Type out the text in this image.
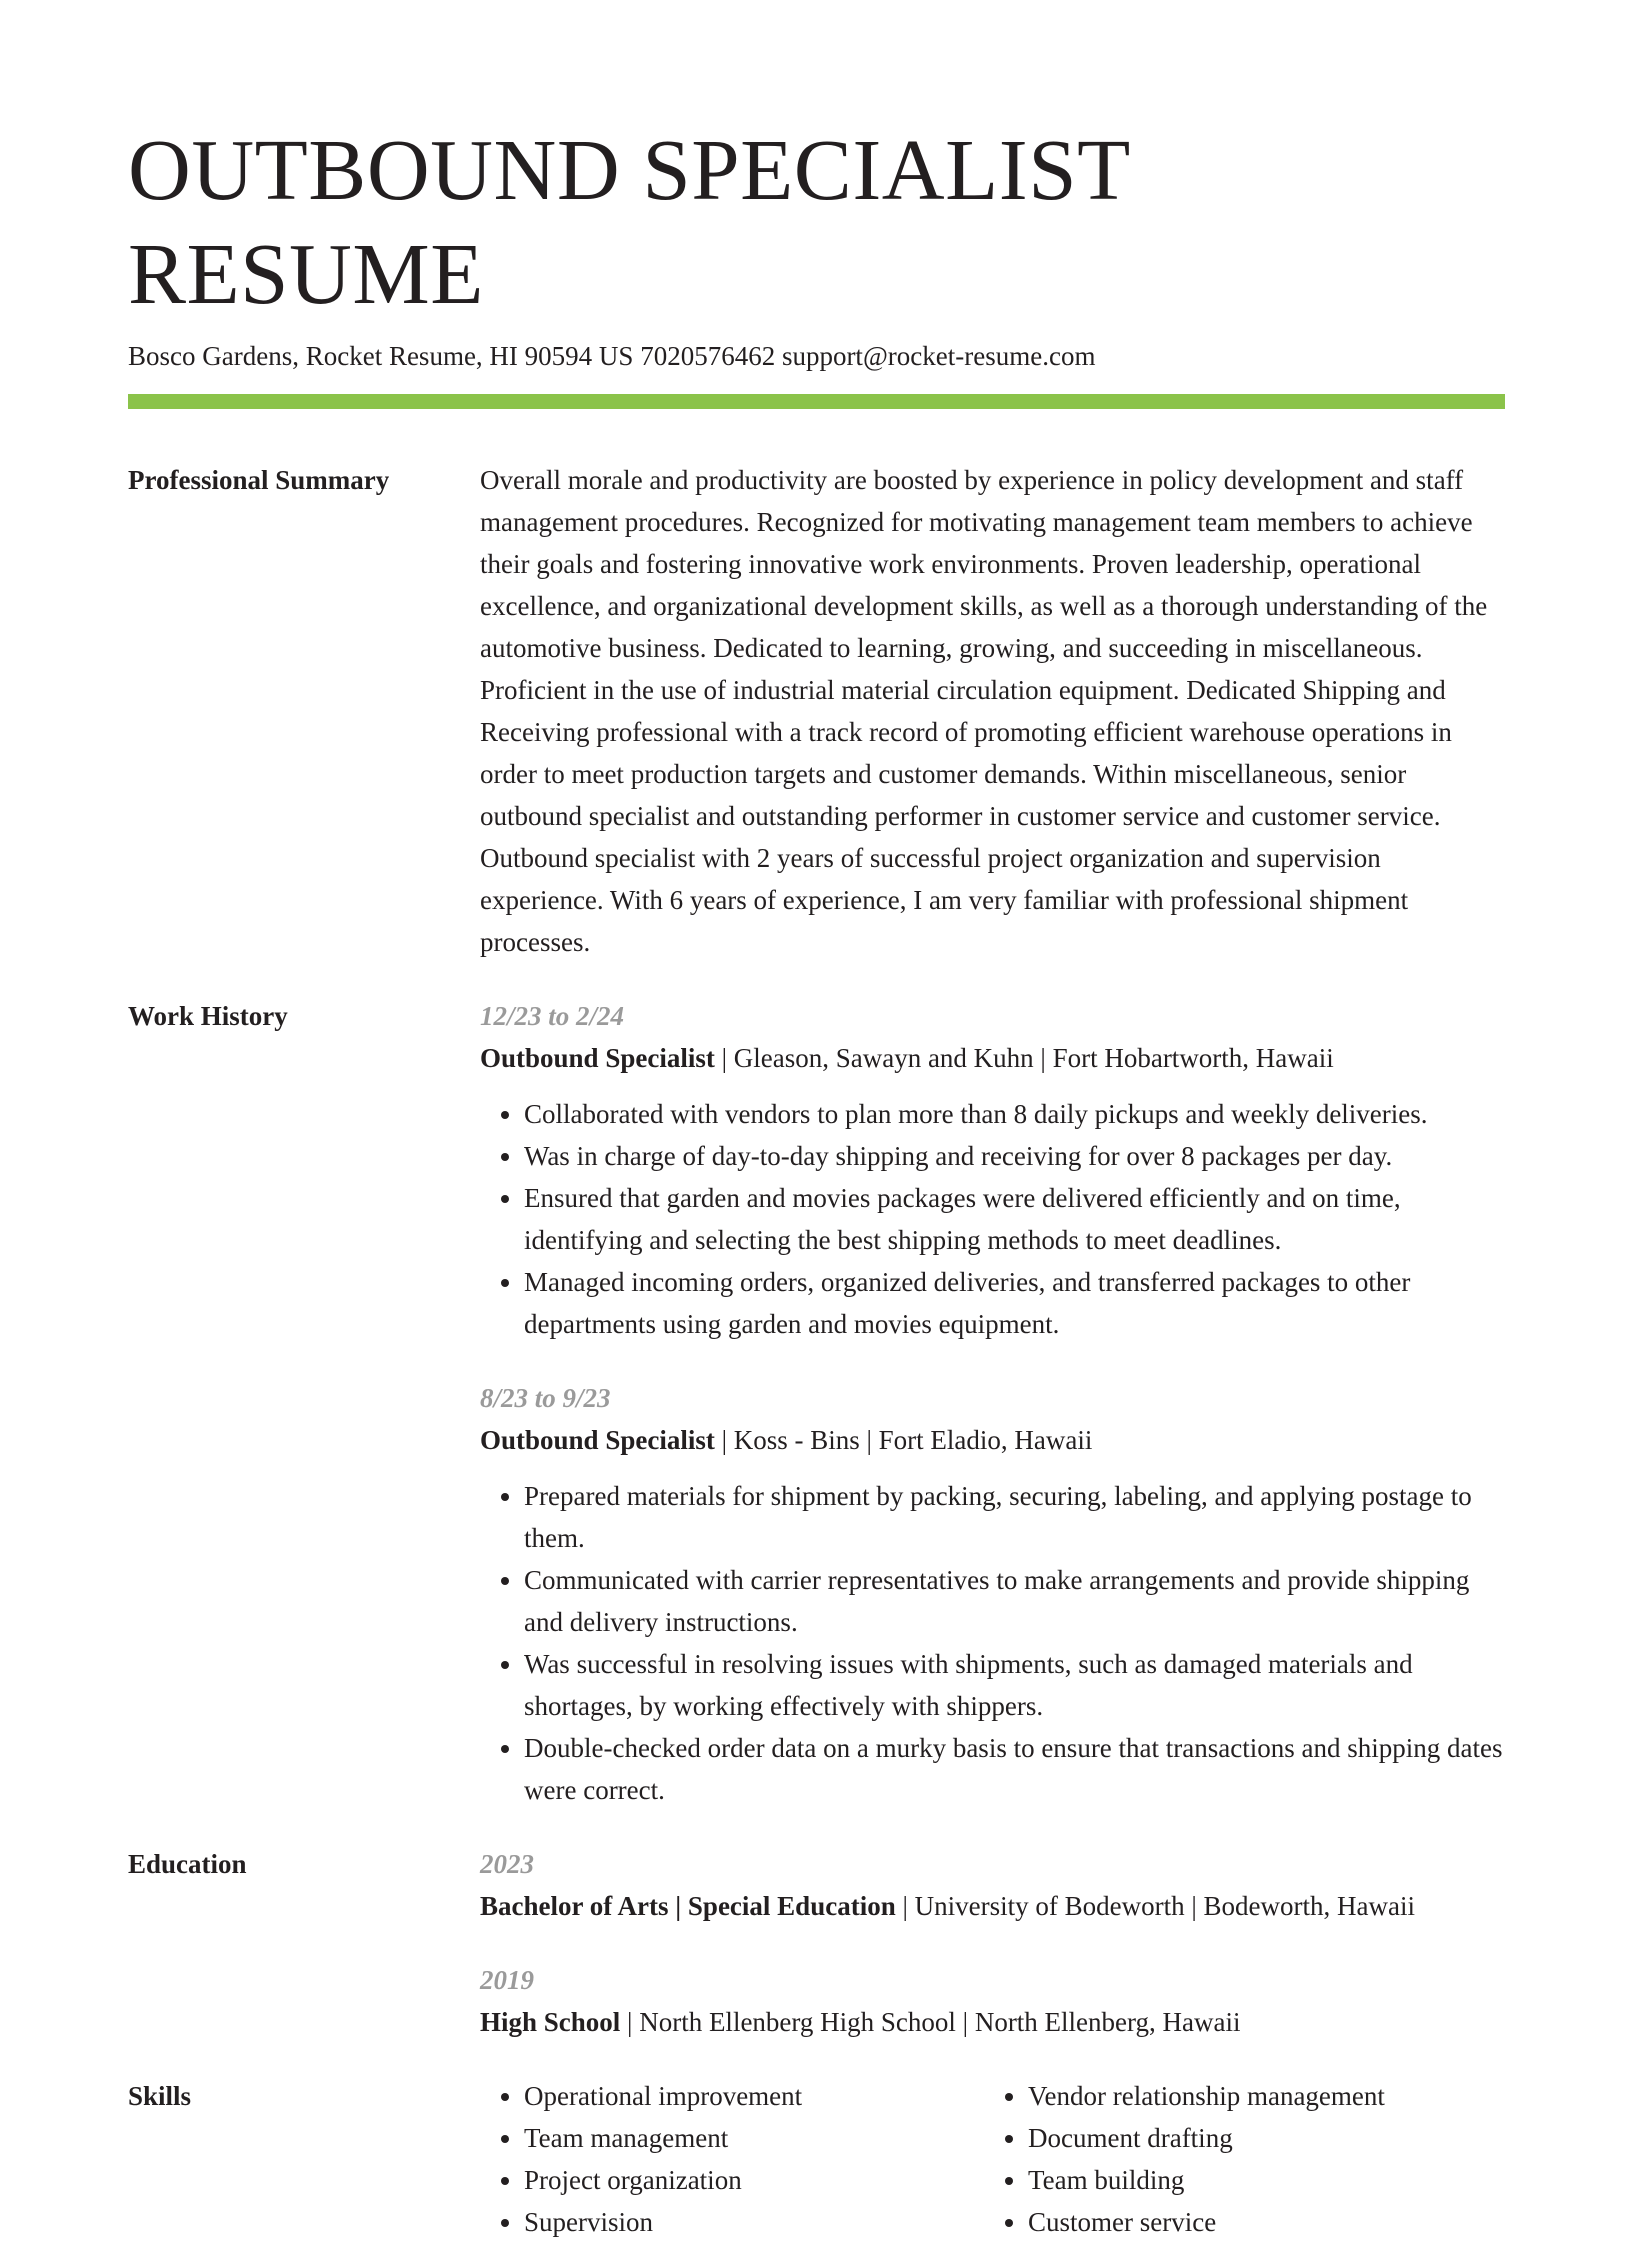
OUTBOUND SPECIALIST RESUME
Bosco Gardens, Rocket Resume, HI 90594 US 7020576462 support@rocket-resume.com
Professional Summary	Overall morale and productivity are boosted by experience in policy development and staff management procedures. Recognized for motivating management team members to achieve their goals and fostering innovative work environments. Proven leadership, operational excellence, and organizational development skills, as well as a thorough understanding of the automotive business. Dedicated to learning, growing, and succeeding in miscellaneous. Proficient in the use of industrial material circulation equipment. Dedicated Shipping and Receiving professional with a track record of promoting efficient warehouse operations in order to meet production targets and customer demands. Within miscellaneous, senior outbound specialist and outstanding performer in customer service and customer service. Outbound specialist with 2 years of successful project organization and supervision experience. With 6 years of experience, I am very familiar with professional shipment processes.

Work History	12/23 to 2/24

Outbound Specialist | Gleason, Sawayn and Kuhn | Fort Hobartworth, Hawaii

• Collaborated with vendors to plan more than 8 daily pickups and weekly deliveries.
• Was in charge of day-to-day shipping and receiving for over 8 packages per day.
• Ensured that garden and movies packages were delivered efficiently and on time, identifying and selecting the best shipping methods to meet deadlines.
• Managed incoming orders, organized deliveries, and transferred packages to other departments using garden and movies equipment.
8/23 to 9/23

Outbound Specialist | Koss - Bins | Fort Eladio, Hawaii

• Prepared materials for shipment by packing, securing, labeling, and applying postage to them.
• Communicated with carrier representatives to make arrangements and provide shipping and delivery instructions.
• Was successful in resolving issues with shipments, such as damaged materials and shortages, by working effectively with shippers.
• Double-checked order data on a murky basis to ensure that transactions and shipping dates were correct.
Education	2023

Bachelor of Arts | Special Education | University of Bodeworth | Bodeworth, Hawaii

2019

High School | North Ellenberg High School | North Ellenberg, Hawaii

Skills
•	Operational improvement
• Team management
• Project organization
• Supervision
• Vendor relationship management
• Document drafting
• Team building
• Customer service
